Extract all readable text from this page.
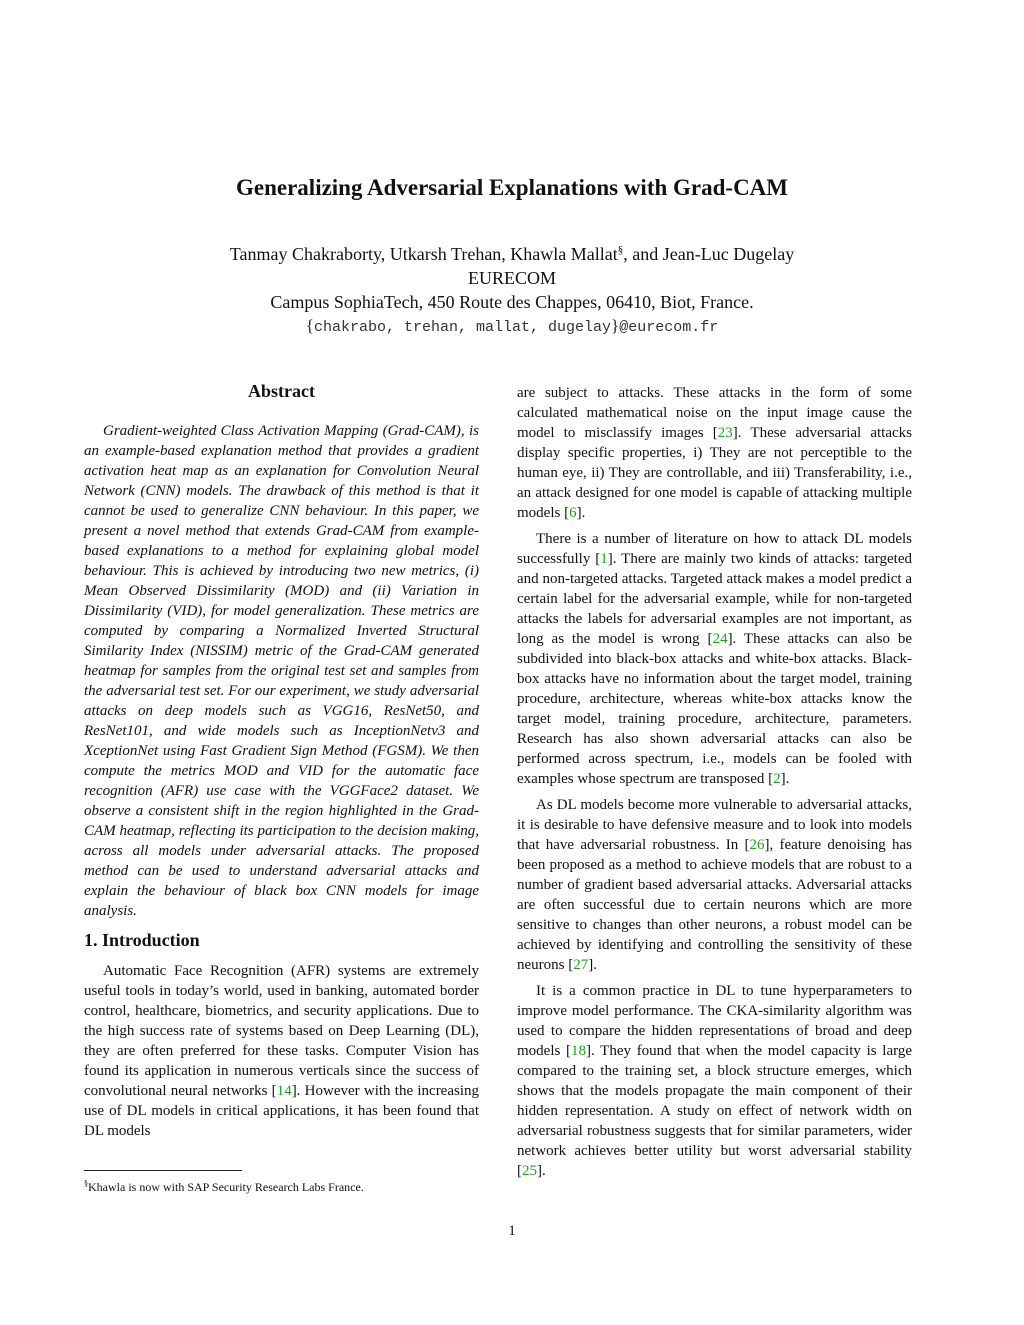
Generalizing Adversarial Explanations with Grad-CAM
Tanmay Chakraborty, Utkarsh Trehan, Khawla Mallat§, and Jean-Luc Dugelay
EURECOM
Campus SophiaTech, 450 Route des Chappes, 06410, Biot, France.
{chakrabo, trehan, mallat, dugelay}@eurecom.fr
Abstract

Gradient-weighted Class Activation Mapping (Grad-CAM), is an example-based explanation method that provides a gradient activation heat map as an explanation for Convolution Neural Network (CNN) models. The drawback of this method is that it cannot be used to generalize CNN behaviour. In this paper, we present a novel method that extends Grad-CAM from example-based explanations to a method for explaining global model behaviour. This is achieved by introducing two new metrics, (i) Mean Observed Dissimilarity (MOD) and (ii) Variation in Dissimilarity (VID), for model generalization. These metrics are computed by comparing a Normalized Inverted Structural Similarity Index (NISSIM) metric of the Grad-CAM generated heatmap for samples from the original test set and samples from the adversarial test set. For our experiment, we study adversarial attacks on deep models such as VGG16, ResNet50, and ResNet101, and wide models such as InceptionNetv3 and XceptionNet using Fast Gradient Sign Method (FGSM). We then compute the metrics MOD and VID for the automatic face recognition (AFR) use case with the VGGFace2 dataset. We observe a consistent shift in the region highlighted in the Grad-CAM heatmap, reflecting its participation to the decision making, across all models under adversarial attacks. The proposed method can be used to understand adversarial attacks and explain the behaviour of black box CNN models for image analysis.

1. Introduction

Automatic Face Recognition (AFR) systems are extremely useful tools in today’s world, used in banking, automated border control, healthcare, biometrics, and security applications. Due to the high success rate of systems based on Deep Learning (DL), they are often preferred for these tasks. Computer Vision has found its application in numerous verticals since the success of convolutional neural networks [14]. However with the increasing use of DL models in critical applications, it has been found that DL models

are subject to attacks. These attacks in the form of some calculated mathematical noise on the input image cause the model to misclassify images [23]. These adversarial attacks display specific properties, i) They are not perceptible to the human eye, ii) They are controllable, and iii) Transferability, i.e., an attack designed for one model is capable of attacking multiple models [6].

There is a number of literature on how to attack DL models successfully [1]. There are mainly two kinds of attacks: targeted and non-targeted attacks. Targeted attack makes a model predict a certain label for the adversarial example, while for non-targeted attacks the labels for adversarial examples are not important, as long as the model is wrong [24]. These attacks can also be subdivided into black-box attacks and white-box attacks. Black-box attacks have no information about the target model, training procedure, architecture, whereas white-box attacks know the target model, training procedure, architecture, parameters. Research has also shown adversarial attacks can also be performed across spectrum, i.e., models can be fooled with examples whose spectrum are transposed [2].

As DL models become more vulnerable to adversarial attacks, it is desirable to have defensive measure and to look into models that have adversarial robustness. In [26], feature denoising has been proposed as a method to achieve models that are robust to a number of gradient based adversarial attacks. Adversarial attacks are often successful due to certain neurons which are more sensitive to changes than other neurons, a robust model can be achieved by identifying and controlling the sensitivity of these neurons [27].

It is a common practice in DL to tune hyperparameters to improve model performance. The CKA-similarity algorithm was used to compare the hidden representations of broad and deep models [18]. They found that when the model capacity is large compared to the training set, a block structure emerges, which shows that the models propagate the main component of their hidden representation. A study on effect of network width on adversarial robustness suggests that for similar parameters, wider network achieves better utility but worst adversarial stability [25].

§Khawla is now with SAP Security Research Labs France.
1
